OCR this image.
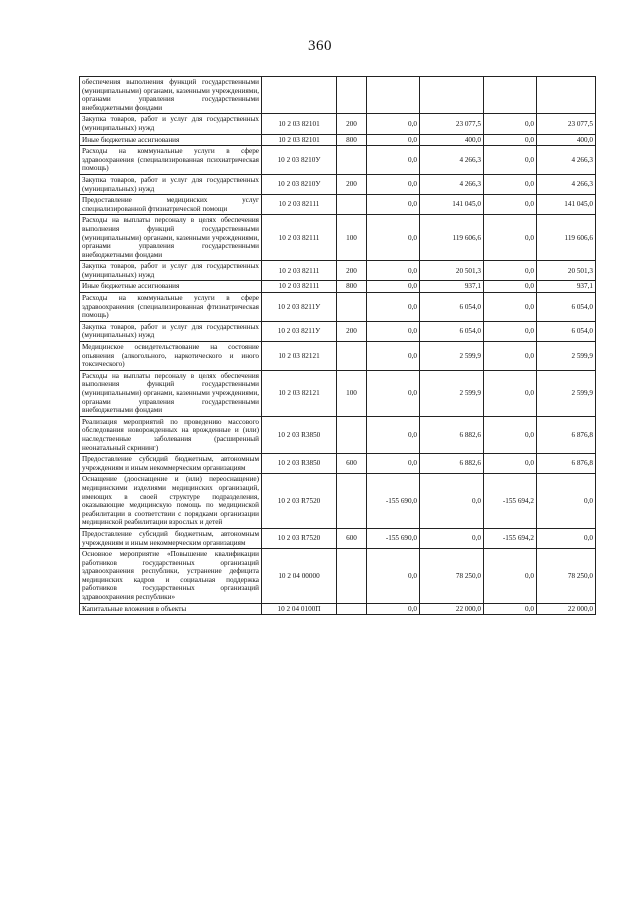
360
обеспечения выполнения функций государственными (муниципальными) органами, казенными учреждениями, органами управления государственными внебюджетными фондами						
Закупка товаров, работ и услуг для государственных (муниципальных) нужд	10 2 03 82101	200	0,0	23 077,5	0,0	23 077,5
Иные бюджетные ассигнования	10 2 03 82101	800	0,0	400,0	0,0	400,0
Расходы на коммунальные услуги в сфере здравоохранения (специализированная психиатрическая помощь)	10 2 03 8210У		0,0	4 266,3	0,0	4 266,3
Закупка товаров, работ и услуг для государственных (муниципальных) нужд	10 2 03 8210У	200	0,0	4 266,3	0,0	4 266,3
Предоставление медицинских услуг специализированной фтизиатрической помощи	10 2 03 82111		0,0	141 045,0	0,0	141 045,0
Расходы на выплаты персоналу в целях обеспечения выполнения функций государственными (муниципальными) органами, казенными учреждениями, органами управления государственными внебюджетными фондами	10 2 03 82111	100	0,0	119 606,6	0,0	119 606,6
Закупка товаров, работ и услуг для государственных (муниципальных) нужд	10 2 03 82111	200	0,0	20 501,3	0,0	20 501,3
Иные бюджетные ассигнования	10 2 03 82111	800	0,0	937,1	0,0	937,1
Расходы на коммунальные услуги в сфере здравоохранения (специализированная фтизиатрическая помощь)	10 2 03 8211У		0,0	6 054,0	0,0	6 054,0
Закупка товаров, работ и услуг для государственных (муниципальных) нужд	10 2 03 8211У	200	0,0	6 054,0	0,0	6 054,0
Медицинское освидетельствование на состояние опьянения (алкогольного, наркотического и иного токсического)	10 2 03 82121		0,0	2 599,9	0,0	2 599,9
Расходы на выплаты персоналу в целях обеспечения выполнения функций государственными (муниципальными) органами, казенными учреждениями, органами управления государственными внебюджетными фондами	10 2 03 82121	100	0,0	2 599,9	0,0	2 599,9
Реализация мероприятий по проведению массового обследования новорожденных на врожденные и (или) наследственные заболевания (расширенный неонатальный скрининг)	10 2 03 R3850		0,0	6 882,6	0,0	6 876,8
Предоставление субсидий бюджетным, автономным учреждениям и иным некоммерческим организациям	10 2 03 R3850	600	0,0	6 882,6	0,0	6 876,8
Оснащение (дооснащение и (или) переоснащение) медицинскими изделиями медицинских организаций, имеющих в своей структуре подразделения, оказывающие медицинскую помощь по медицинской реабилитации в соответствии с порядками организации медицинской реабилитации взрослых и детей	10 2 03 R7520		-155 690,0	0,0	-155 694,2	0,0
Предоставление субсидий бюджетным, автономным учреждениям и иным некоммерческим организациям	10 2 03 R7520	600	-155 690,0	0,0	-155 694,2	0,0
Основное мероприятие «Повышение квалификации работников государственных организаций здравоохранения республики, устранение дефицита медицинских кадров и социальная поддержка работников государственных организаций здравоохранения республики»	10 2 04 00000		0,0	78 250,0	0,0	78 250,0
Капитальные вложения в объекты	10 2 04 0100П		0,0	22 000,0	0,0	22 000,0
